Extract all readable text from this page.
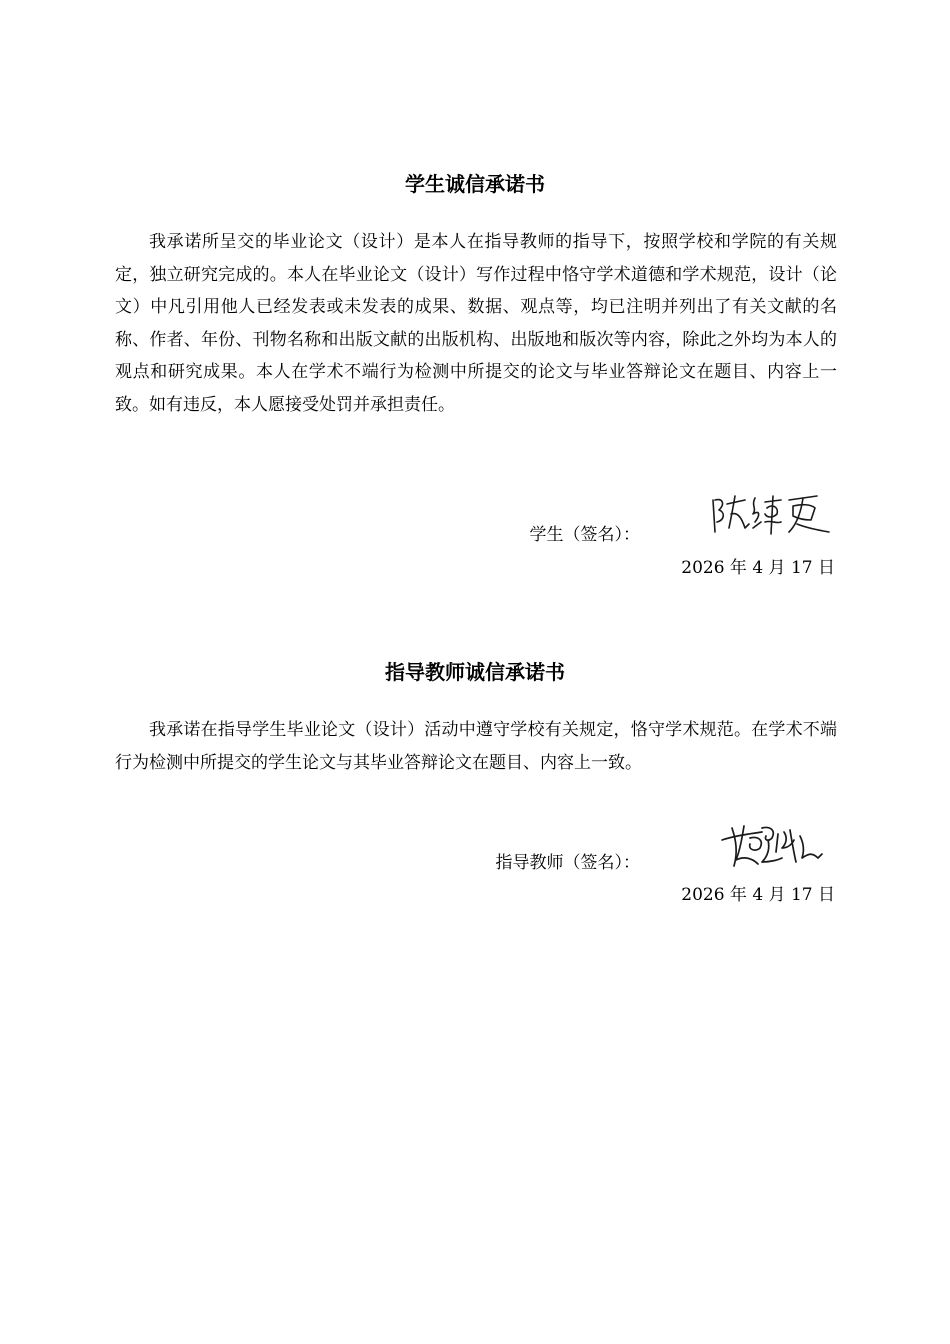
学生诚信承诺书

我承诺所呈交的毕业论文（设计）是本人在指导教师的指导下，按照学校和学院的有关规定，独立研究完成的。本人在毕业论文（设计）写作过程中恪守学术道德和学术规范，设计（论文）中凡引用他人已经发表或未发表的成果、数据、观点等，均已注明并列出了有关文献的名称、作者、年份、刊物名称和出版文献的出版机构、出版地和版次等内容，除此之外均为本人的观点和研究成果。本人在学术不端行为检测中所提交的论文与毕业答辩论文在题目、内容上一致。如有违反，本人愿接受处罚并承担责任。

学生（签名）：
2026 年 4 月 17 日
指导教师诚信承诺书

我承诺在指导学生毕业论文（设计）活动中遵守学校有关规定，恪守学术规范。在学术不端行为检测中所提交的学生论文与其毕业答辩论文在题目、内容上一致。

指导教师（签名）：
2026 年 4 月 17 日
